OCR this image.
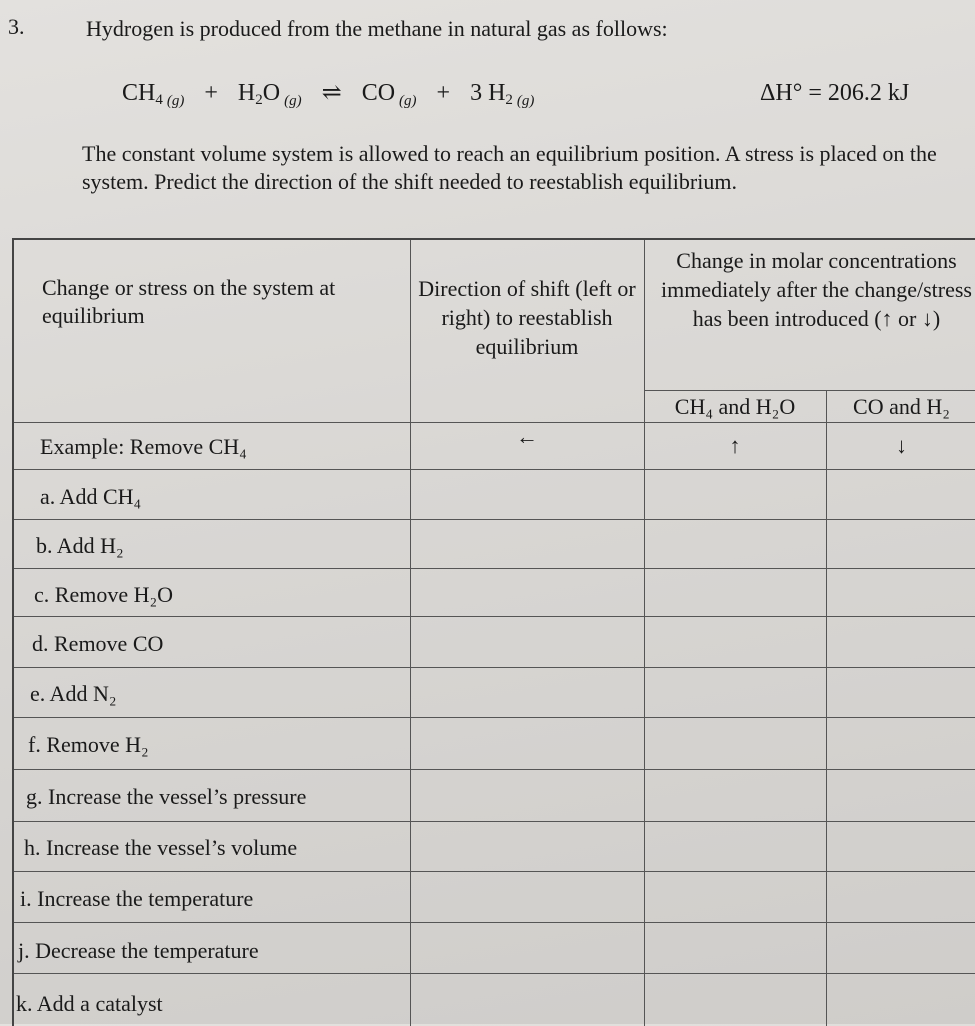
3.	Hydrogen is produced from the methane in natural gas as follows:
$CH_4$ $_{(g)} + H_2O$ $_{(g)}$ ⇌ CO $_{(g)}$ + 3 $H_2$ $_{(g)}$	ΔH° = 206.2 kJ
The constant volume system is allowed to reach an equilibrium position. A stress is placed on the system. Predict the direction of the shift needed to reestablish equilibrium.
Change or stress on the system at equilibrium
Direction of shift (left or right) to reestablish equilibrium
Change in molar concentrations immediately after the change/stress has been introduced (↑ or ↓)
CH₄ and H₂O	CO and H₂
Example: Remove CH₄	←	↑	↓
a. Add CH₄
b. Add H₂
c. Remove H₂O
d. Remove CO
e. Add N₂
f. Remove H₂
g. Increase the vessel’s pressure
h. Increase the vessel’s volume
i. Increase the temperature
j. Decrease the temperature
k. Add a catalyst
